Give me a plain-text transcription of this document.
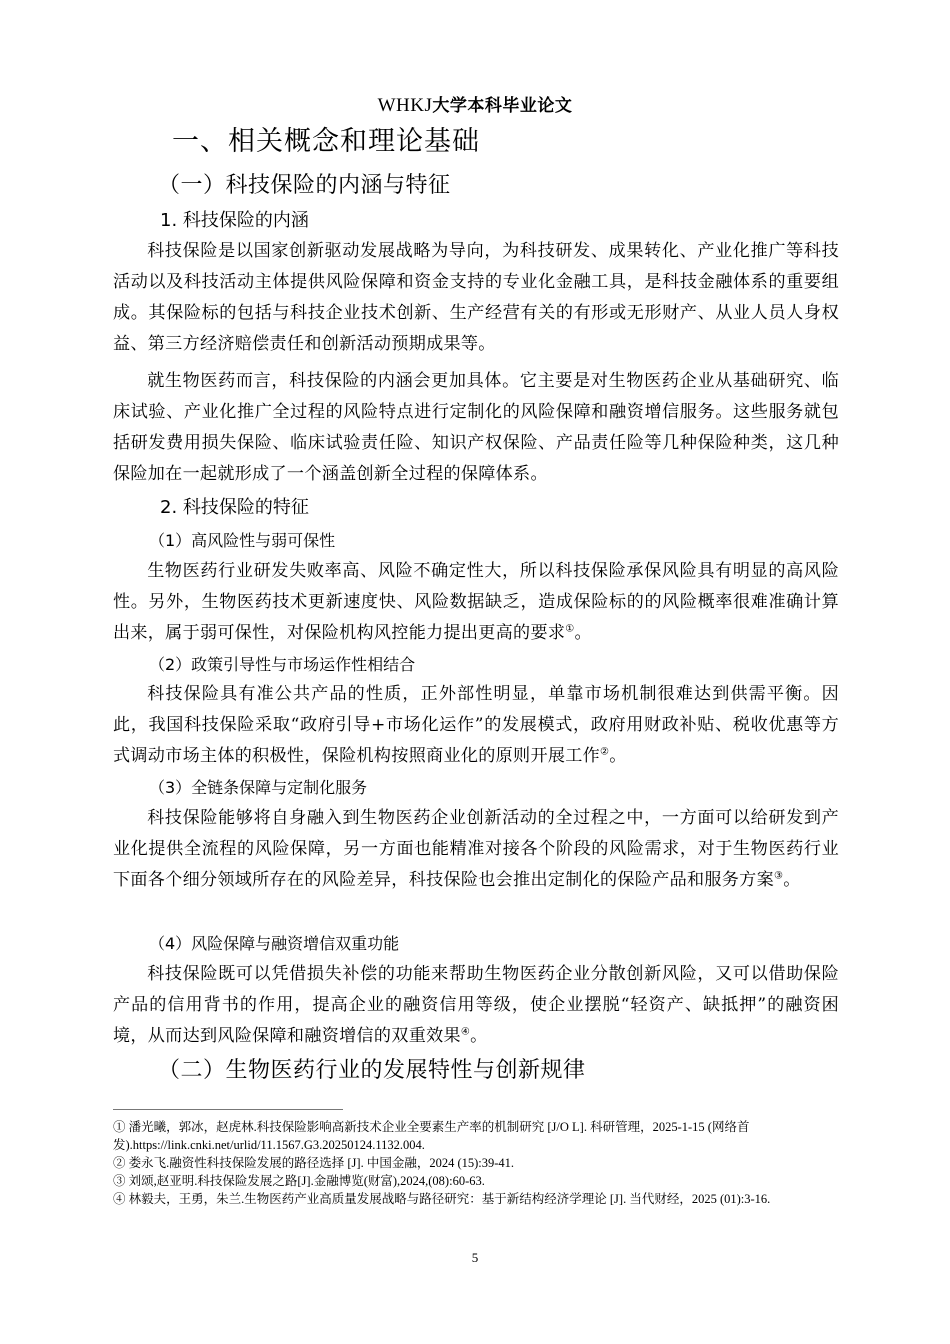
WHKJ大学本科毕业论文
一、相关概念和理论基础
（一）科技保险的内涵与特征
1. 科技保险的内涵

科技保险是以国家创新驱动发展战略为导向，为科技研发、成果转化、产业化推广等科技活动以及科技活动主体提供风险保障和资金支持的专业化金融工具，是科技金融体系的重要组成。其保险标的包括与科技企业技术创新、生产经营有关的有形或无形财产、从业人员人身权益、第三方经济赔偿责任和创新活动预期成果等。

就生物医药而言，科技保险的内涵会更加具体。它主要是对生物医药企业从基础研究、临床试验、产业化推广全过程的风险特点进行定制化的风险保障和融资增信服务。这些服务就包括研发费用损失保险、临床试验责任险、知识产权保险、产品责任险等几种保险种类，这几种保险加在一起就形成了一个涵盖创新全过程的保障体系。

2. 科技保险的特征
（1）高风险性与弱可保性

生物医药行业研发失败率高、风险不确定性大，所以科技保险承保风险具有明显的高风险性。另外，生物医药技术更新速度快、风险数据缺乏，造成保险标的的风险概率很难准确计算出来，属于弱可保性，对保险机构风控能力提出更高的要求①。

（2）政策引导性与市场运作性相结合

科技保险具有准公共产品的性质，正外部性明显，单靠市场机制很难达到供需平衡。因此，我国科技保险采取“政府引导+市场化运作”的发展模式，政府用财政补贴、税收优惠等方式调动市场主体的积极性，保险机构按照商业化的原则开展工作②。

（3）全链条保障与定制化服务

科技保险能够将自身融入到生物医药企业创新活动的全过程之中，一方面可以给研发到产业化提供全流程的风险保障，另一方面也能精准对接各个阶段的风险需求，对于生物医药行业下面各个细分领域所存在的风险差异，科技保险也会推出定制化的保险产品和服务方案③。

（4）风险保障与融资增信双重功能

科技保险既可以凭借损失补偿的功能来帮助生物医药企业分散创新风险，又可以借助保险产品的信用背书的作用，提高企业的融资信用等级，使企业摆脱“轻资产、缺抵押”的融资困境，从而达到风险保障和融资增信的双重效果④。

（二）生物医药行业的发展特性与创新规律

① 潘光曦，郭冰，赵虎林.科技保险影响高新技术企业全要素生产率的机制研究 [J/O L]. 科研管理，2025-1-15 (网络首发).https://link.cnki.net/urlid/11.1567.G3.20250124.1132.004.

② 娄永飞.融资性科技保险发展的路径选择 [J]. 中国金融，2024 (15):39-41.

③ 刘颂,赵亚明.科技保险发展之路[J].金融博览(财富),2024,(08):60-63.

④ 林毅夫，王勇，朱兰.生物医药产业高质量发展战略与路径研究：基于新结构经济学理论 [J]. 当代财经，2025 (01):3-16.

5
